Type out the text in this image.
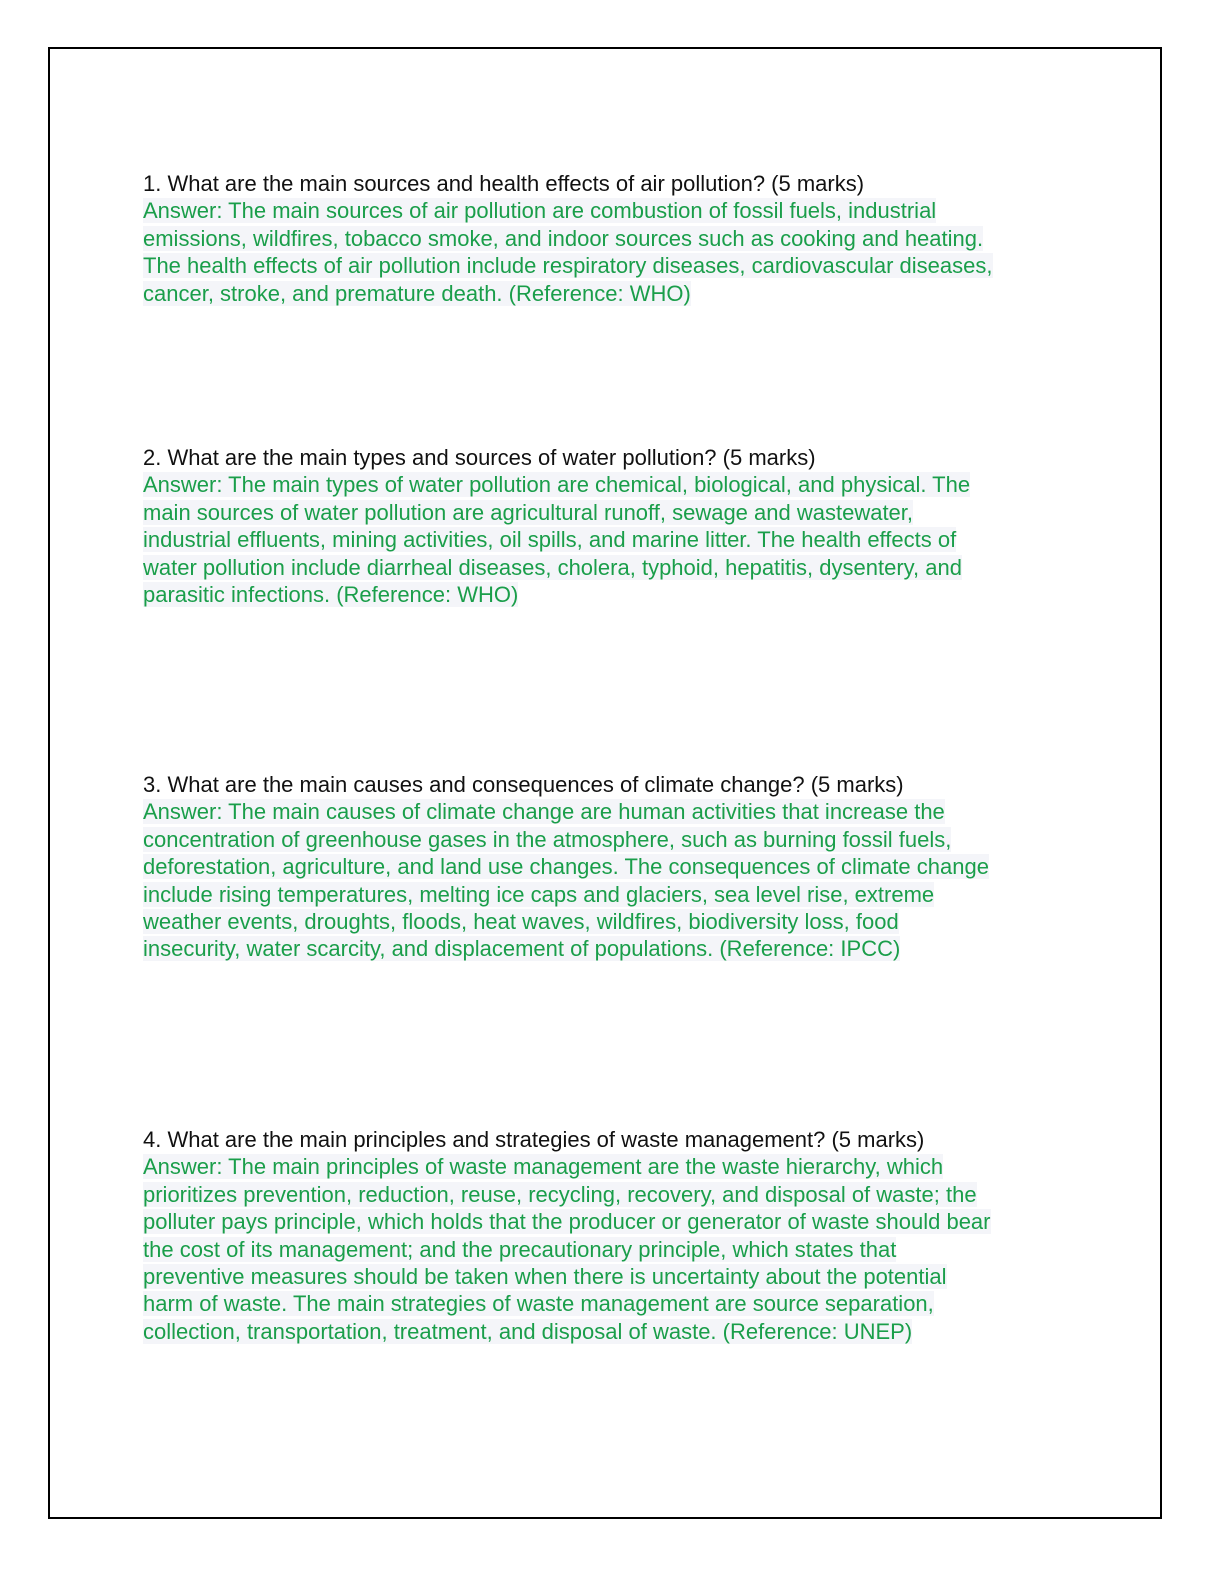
1. What are the main sources and health effects of air pollution? (5 marks)
Answer: The main sources of air pollution are combustion of fossil fuels, industrial
emissions, wildfires, tobacco smoke, and indoor sources such as cooking and heating.
The health effects of air pollution include respiratory diseases, cardiovascular diseases,
cancer, stroke, and premature death. (Reference: WHO)
2. What are the main types and sources of water pollution? (5 marks)
Answer: The main types of water pollution are chemical, biological, and physical. The
main sources of water pollution are agricultural runoff, sewage and wastewater,
industrial effluents, mining activities, oil spills, and marine litter. The health effects of
water pollution include diarrheal diseases, cholera, typhoid, hepatitis, dysentery, and
parasitic infections. (Reference: WHO)
3. What are the main causes and consequences of climate change? (5 marks)
Answer: The main causes of climate change are human activities that increase the
concentration of greenhouse gases in the atmosphere, such as burning fossil fuels,
deforestation, agriculture, and land use changes. The consequences of climate change
include rising temperatures, melting ice caps and glaciers, sea level rise, extreme
weather events, droughts, floods, heat waves, wildfires, biodiversity loss, food
insecurity, water scarcity, and displacement of populations. (Reference: IPCC)
4. What are the main principles and strategies of waste management? (5 marks)
Answer: The main principles of waste management are the waste hierarchy, which
prioritizes prevention, reduction, reuse, recycling, recovery, and disposal of waste; the
polluter pays principle, which holds that the producer or generator of waste should bear
the cost of its management; and the precautionary principle, which states that
preventive measures should be taken when there is uncertainty about the potential
harm of waste. The main strategies of waste management are source separation,
collection, transportation, treatment, and disposal of waste. (Reference: UNEP)
